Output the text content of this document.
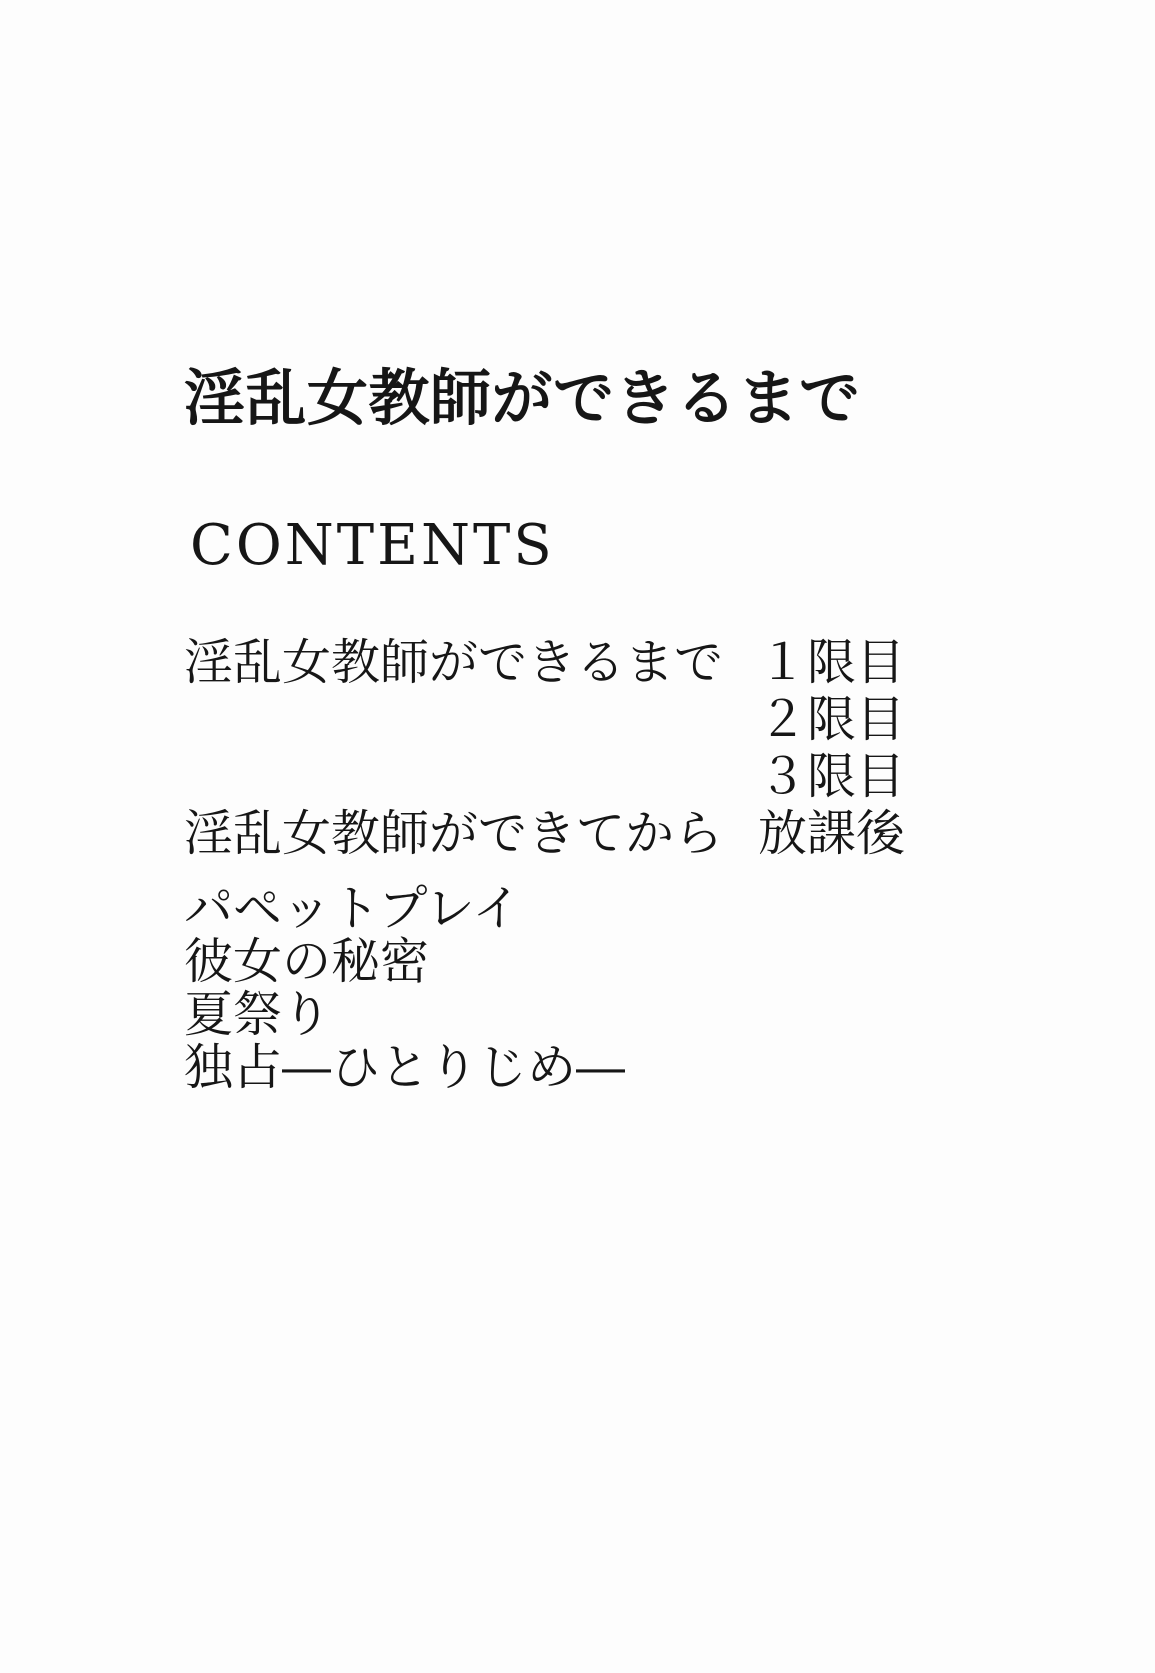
淫乱女教師ができるまで
CONTENTS
淫乱女教師ができるまで １限目
２限目
３限目
淫乱女教師ができてから 放課後
パペットプレイ
彼女の秘密
夏祭り
独占―ひとりじめ―
